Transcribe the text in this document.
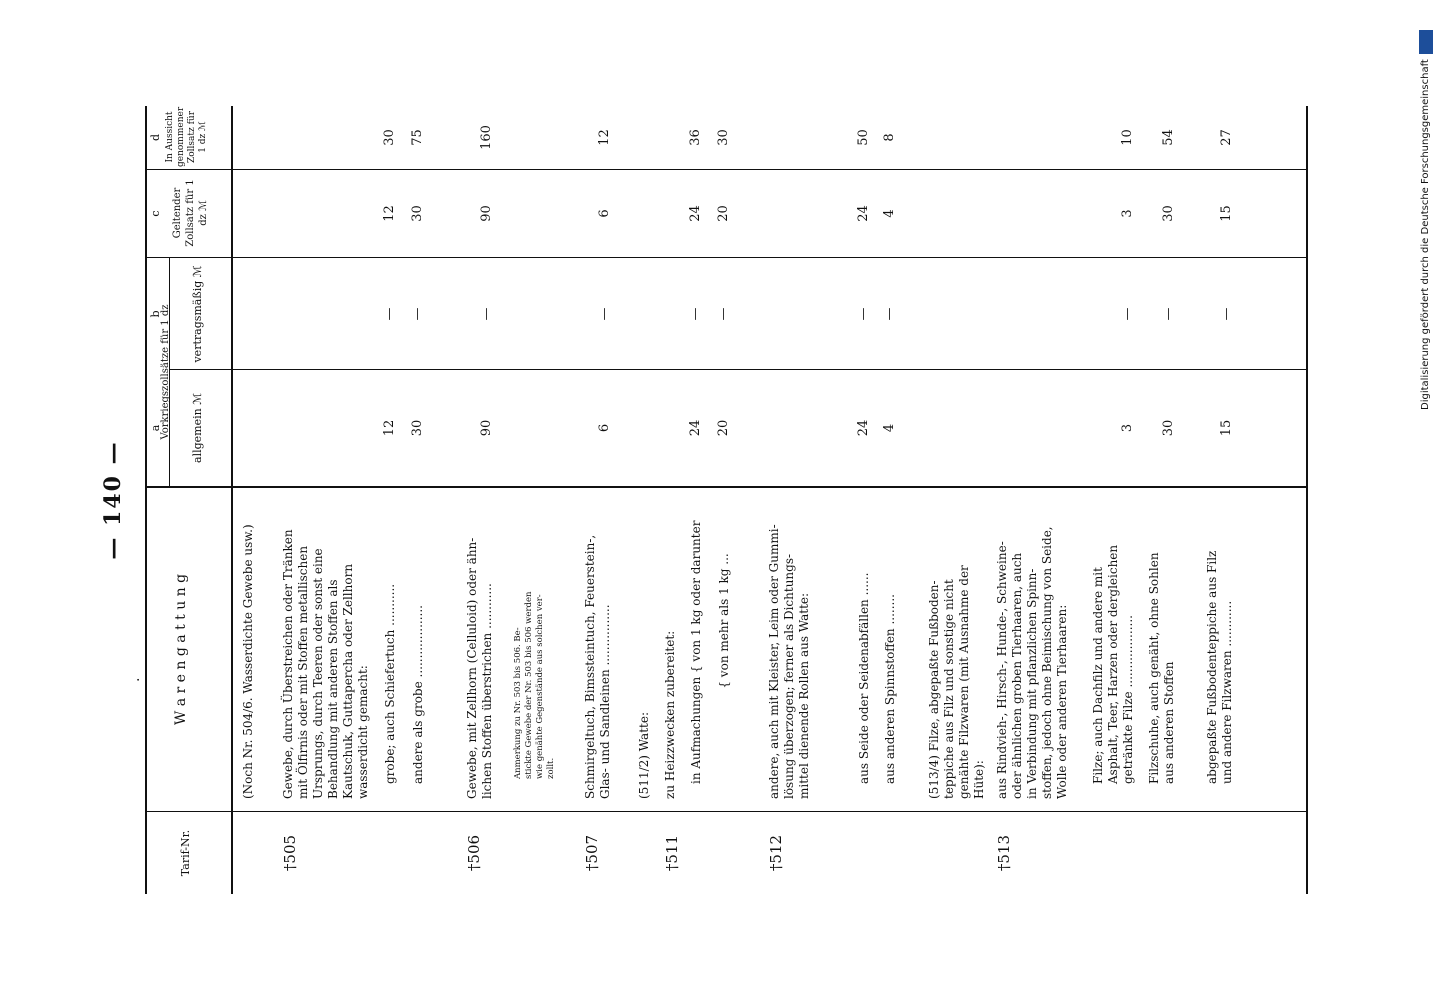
— 140 —
.
Tarif-Nr.
W a r e n g a t t u n g
a
b
c
d
Vorkriegszollsätze für 1 dz allgemein ℳ
vertragsmäßig ℳ
Geltender Zollsatz für 1 dz ℳ
In Aussicht genommener Zollsatz für 1 dz ℳ
(Noch Nr. 504/6. Wasserdichte Gewebe usw.)
†505
Gewebe, durch Überstreichen oder Tränken mit Ölfirnis oder mit Stoffen metallischen Ursprungs, durch Teeren oder sonst eine Behandlung mit anderen Stoffen als Kautschuk, Guttapercha oder Zellhorn wasserdicht gemacht: grobe; auch Schiefertuch ...........
12
—
12
30
andere als grobe ...................
30
—
30
75
†506
Gewebe, mit Zellhorn (Celluloid) oder ähn- lichen Stoffen überstrichen ............
90
—
90
160
Anmerkung zu Nr. 503 bis 506. Be- stickte Gewebe der Nr. 503 bis 506 werden wie genähte Gegenstände aus solchen ver- zollt.
†507
Schmirgeltuch, Bimssteintuch, Feuerstein-, Glas- und Sandleinen ................
6
—
6
12
(511/2) Watte:
†511
zu Heizzwecken zubereitet: in Aufmachungen { von 1 kg oder darunter
24
—
24
36
{ von mehr als 1 kg ...
20
—
20
30
†512
andere, auch mit Kleister, Leim oder Gummi- lösung überzogen; ferner als Dichtungs- mittel dienende Rollen aus Watte:	aus Seide oder Seidenabfällen ......
24
—
24
50
aus anderen Spinnstoffen ........
4
—
4
8
(513/4) Filze, abgepaßte Fußboden- teppiche aus Filz und sonstige nicht genähte Filzwaren (mit Ausnahme der Hüte):
†513
aus Rindvieh-, Hirsch-, Hunde-, Schweine- oder ähnlichen groben Tierhaaren, auch in Verbindung mit pflanzlichen Spinn- stoffen, jedoch ohne Beimischung von Seide, Wolle oder anderen Tierhaaren: Filze; auch Dachfilz und andere mit Asphalt, Teer, Harzen oder dergleichen getränkte Filze ...................
3
—
3
10
Filzschuhe, auch genäht, ohne Sohlen aus anderen Stoffen
30
—
30
54
abgepaßte Fußbodenteppiche aus Filz und andere Filzwaren ............
15
—
15
27	Digitalisierung gefördert durch die Deutsche Forschungsgemeinschaft
